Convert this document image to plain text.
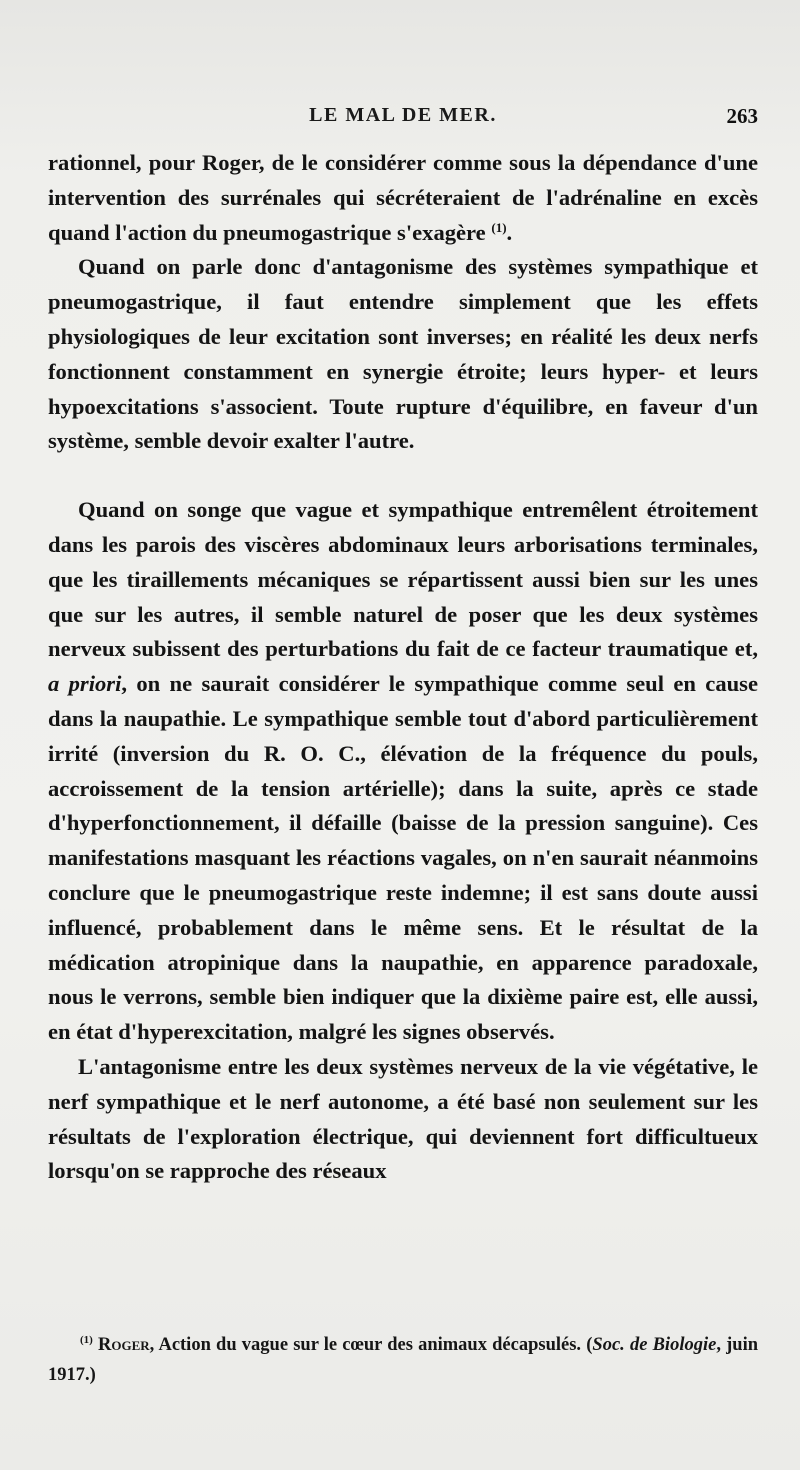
LE MAL DE MER.	263

rationnel, pour Roger, de le considérer comme sous la dépendance d'une intervention des surrénales qui sécréteraient de l'adrénaline en excès quand l'action du pneumogastrique s'exagère $^{(1)}$.

Quand on parle donc d'antagonisme des systèmes sympathique et pneumogastrique, il faut entendre simplement que les effets physiologiques de leur excitation sont inverses; en réalité les deux nerfs fonctionnent constamment en synergie étroite; leurs hyper- et leurs hypoexcitations s'associent. Toute rupture d'équilibre, en faveur d'un système, semble devoir exalter l'autre.

Quand on songe que vague et sympathique entremêlent étroitement dans les parois des viscères abdominaux leurs arborisations terminales, que les tiraillements mécaniques se répartissent aussi bien sur les unes que sur les autres, il semble naturel de poser que les deux systèmes nerveux subissent des perturbations du fait de ce facteur traumatique et, a priori, on ne saurait considérer le sympathique comme seul en cause dans la naupathie. Le sympathique semble tout d'abord particulièrement irrité (inversion du R. O. C., élévation de la fréquence du pouls, accroissement de la tension artérielle); dans la suite, après ce stade d'hyperfonctionnement, il défaille (baisse de la pression sanguine). Ces manifestations masquant les réactions vagales, on n'en saurait néanmoins conclure que le pneumogastrique reste indemne; il est sans doute aussi influencé, probablement dans le même sens. Et le résultat de la médication atropinique dans la naupathie, en apparence paradoxale, nous le verrons, semble bien indiquer que la dixième paire est, elle aussi, en état d'hyperexcitation, malgré les signes observés.

L'antagonisme entre les deux systèmes nerveux de la vie végétative, le nerf sympathique et le nerf autonome, a été basé non seulement sur les résultats de l'exploration électrique, qui deviennent fort difficultueux lorsqu'on se rapproche des réseaux

$^{(1)}$ Roger, Action du vague sur le cœur des animaux décapsulés. (Soc. de Biologie, juin 1917.)
